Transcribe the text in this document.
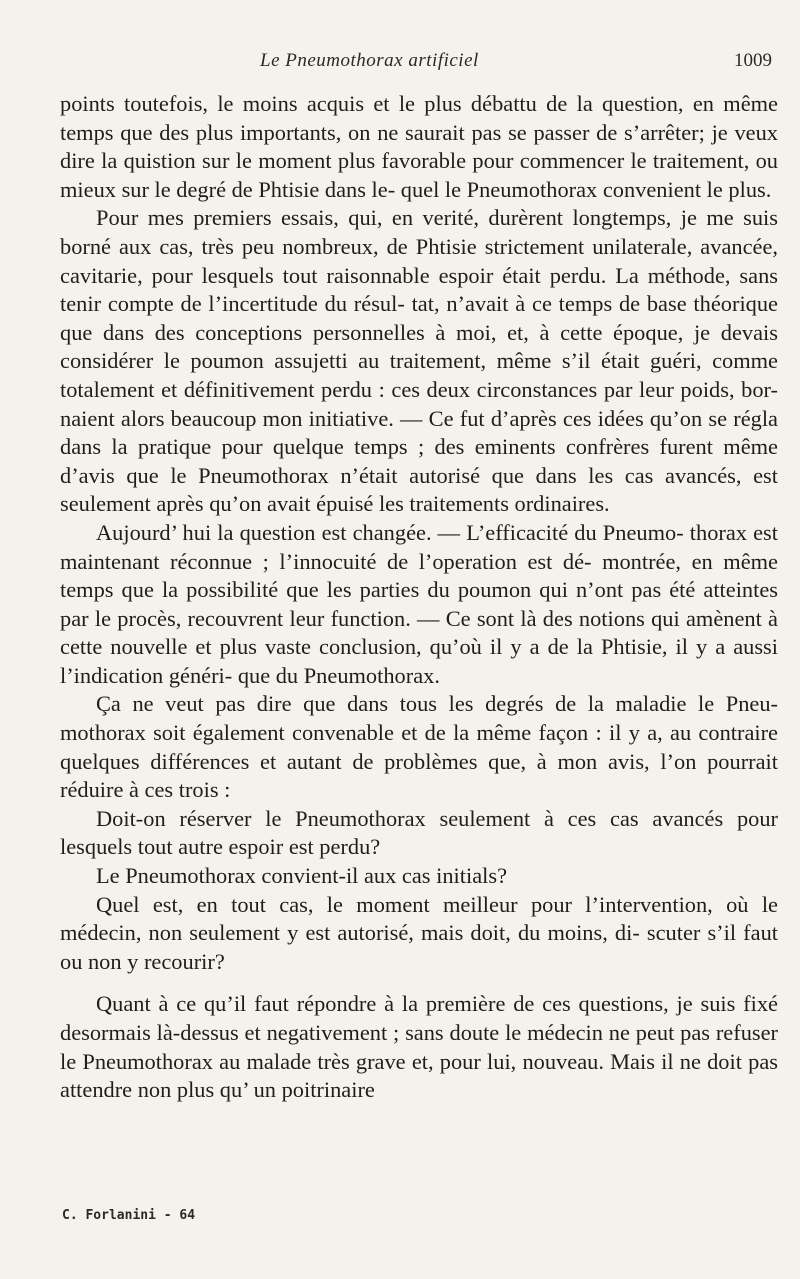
Le Pneumothorax artificiel	1009

points toutefois, le moins acquis et le plus débattu de la question, en même temps que des plus importants, on ne saurait pas se passer de s’arrêter; je veux dire la quistion sur le moment plus favorable pour commencer le traitement, ou mieux sur le degré de Phtisie dans le- quel le Pneumothorax convenient le plus.

Pour mes premiers essais, qui, en verité, durèrent longtemps, je me suis borné aux cas, très peu nombreux, de Phtisie strictement unilaterale, avancée, cavitarie, pour lesquels tout raisonnable espoir était perdu. La méthode, sans tenir compte de l’incertitude du résul- tat, n’avait à ce temps de base théorique que dans des conceptions personnelles à moi, et, à cette époque, je devais considérer le poumon assujetti au traitement, même s’il était guéri, comme totalement et définitivement perdu : ces deux circonstances par leur poids, bor- naient alors beaucoup mon initiative. — Ce fut d’après ces idées qu’on se régla dans la pratique pour quelque temps ; des eminents confrères furent même d’avis que le Pneumothorax n’était autorisé que dans les cas avancés, est seulement après qu’on avait épuisé les traitements ordinaires.

Aujourd’ hui la question est changée. — L’efficacité du Pneumo- thorax est maintenant réconnue ; l’innocuité de l’operation est dé- montrée, en même temps que la possibilité que les parties du poumon qui n’ont pas été atteintes par le procès, recouvrent leur function. — Ce sont là des notions qui amènent à cette nouvelle et plus vaste conclusion, qu’où il y a de la Phtisie, il y a aussi l’indication généri- que du Pneumothorax.

Ça ne veut pas dire que dans tous les degrés de la maladie le Pneu- mothorax soit également convenable et de la même façon : il y a, au contraire quelques différences et autant de problèmes que, à mon avis, l’on pourrait réduire à ces trois :

Doit-on réserver le Pneumothorax seulement à ces cas avancés pour lesquels tout autre espoir est perdu?

Le Pneumothorax convient-il aux cas initials?

Quel est, en tout cas, le moment meilleur pour l’intervention, où le médecin, non seulement y est autorisé, mais doit, du moins, di- scuter s’il faut ou non y recourir?

Quant à ce qu’il faut répondre à la première de ces questions, je suis fixé desormais là-dessus et negativement ; sans doute le médecin ne peut pas refuser le Pneumothorax au malade très grave et, pour lui, nouveau. Mais il ne doit pas attendre non plus qu’ un poitrinaire

C. Forlanini - 64
